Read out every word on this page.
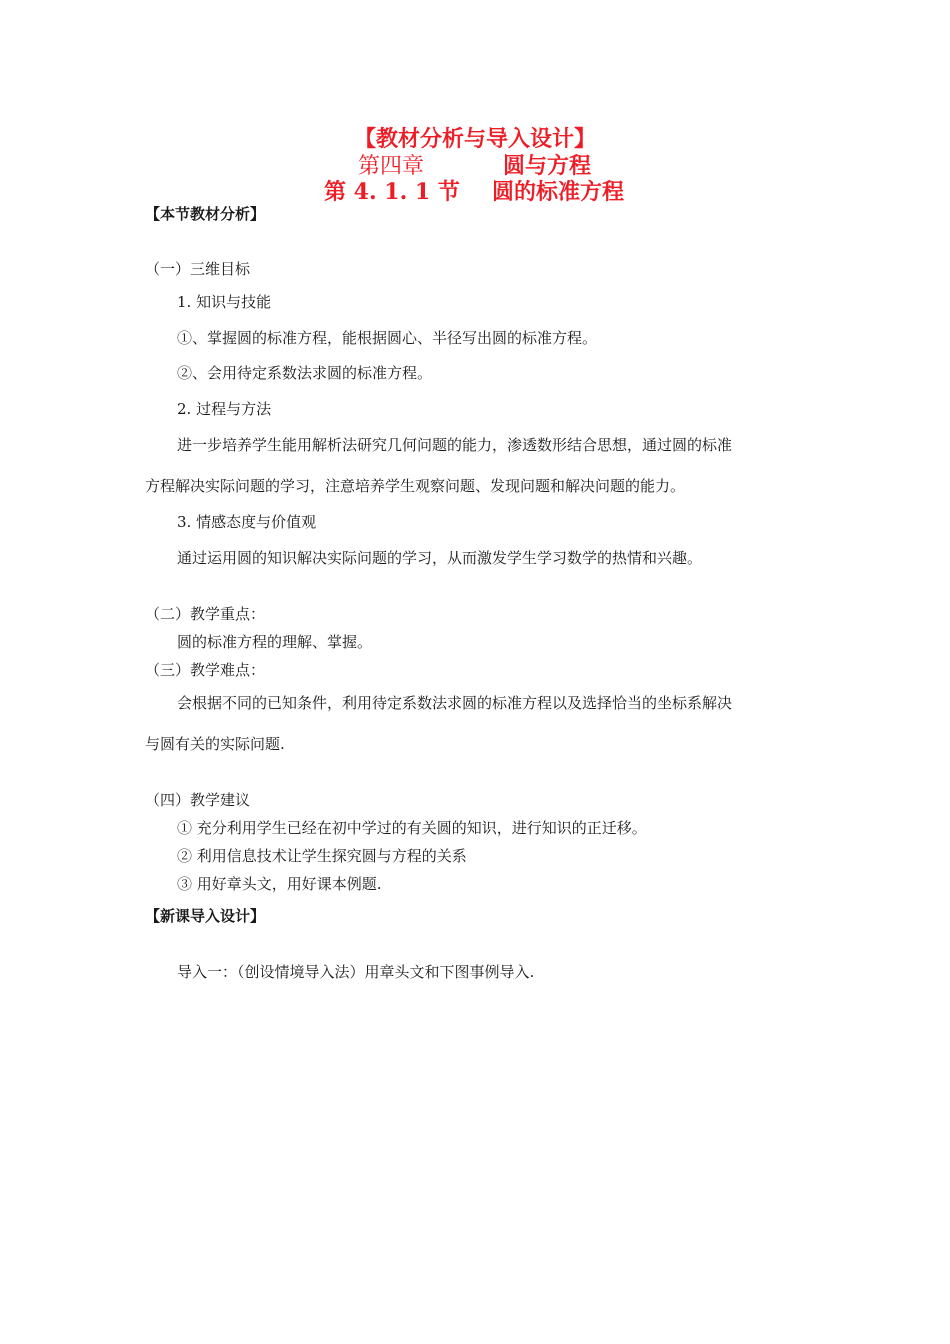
【教材分析与导入设计】
第四章	圆与方程
第 4. 1. 1 节 圆的标准方程
【本节教材分析】
（一）三维目标
1. 知识与技能
①、掌握圆的标准方程，能根据圆心、半径写出圆的标准方程。
②、会用待定系数法求圆的标准方程。
2. 过程与方法
进一步培养学生能用解析法研究几何问题的能力，渗透数形结合思想，通过圆的标准
方程解决实际问题的学习，注意培养学生观察问题、发现问题和解决问题的能力。
3. 情感态度与价值观
通过运用圆的知识解决实际问题的学习，从而激发学生学习数学的热情和兴趣。
（二）教学重点：
圆的标准方程的理解、掌握。
（三）教学难点：
会根据不同的已知条件，利用待定系数法求圆的标准方程以及选择恰当的坐标系解决
与圆有关的实际问题.
（四）教学建议
① 充分利用学生已经在初中学过的有关圆的知识，进行知识的正迁移。
② 利用信息技术让学生探究圆与方程的关系
③ 用好章头文，用好课本例题.
【新课导入设计】
导入一：（创设情境导入法）用章头文和下图事例导入.
